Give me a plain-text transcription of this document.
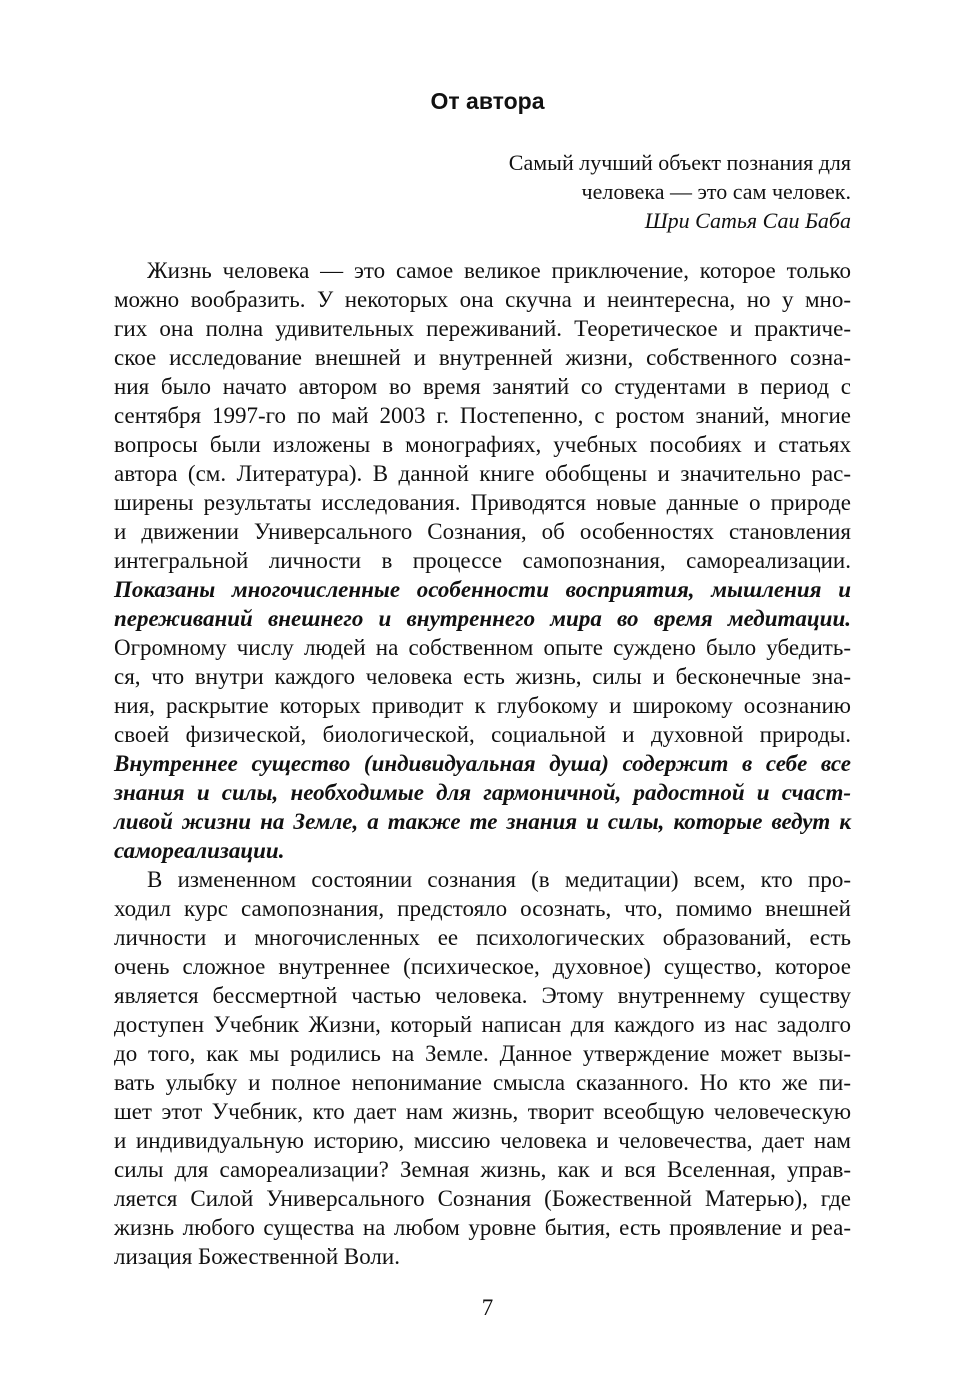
От автора
Самый лучший объект познания для
человека — это сам человек.
Шри Сатья Саи Баба
Жизнь человека — это самое великое приключение, которое только
можно вообразить. У некоторых она скучна и неинтересна, но у мно-
гих она полна удивительных переживаний. Теоретическое и практиче-
ское исследование внешней и внутренней жизни, собственного созна-
ния было начато автором во время занятий со студентами в период с
сентября 1997-го по май 2003 г. Постепенно, с ростом знаний, многие
вопросы были изложены в монографиях, учебных пособиях и статьях
автора (см. Литература). В данной книге обобщены и значительно рас-
ширены результаты исследования. Приводятся новые данные о природе
и движении Универсального Сознания, об особенностях становления
интегральной личности в процессе самопознания, самореализации.
Показаны многочисленные особенности восприятия, мышления и
переживаний внешнего и внутреннего мира во время медитации.
Огромному числу людей на собственном опыте суждено было убедить-
ся, что внутри каждого человека есть жизнь, силы и бесконечные зна-
ния, раскрытие которых приводит к глубокому и широкому осознанию
своей физической, биологической, социальной и духовной природы.
Внутреннее существо (индивидуальная душа) содержит в себе все
знания и силы, необходимые для гармоничной, радостной и счаст-
ливой жизни на Земле, а также те знания и силы, которые ведут к
самореализации.
В измененном состоянии сознания (в медитации) всем, кто про-
ходил курс самопознания, предстояло осознать, что, помимо внешней
личности и многочисленных ее психологических образований, есть
очень сложное внутреннее (психическое, духовное) существо, которое
является бессмертной частью человека. Этому внутреннему существу
доступен Учебник Жизни, который написан для каждого из нас задолго
до того, как мы родились на Земле. Данное утверждение может вызы-
вать улыбку и полное непонимание смысла сказанного. Но кто же пи-
шет этот Учебник, кто дает нам жизнь, творит всеобщую человеческую
и индивидуальную историю, миссию человека и человечества, дает нам
силы для самореализации? Земная жизнь, как и вся Вселенная, управ-
ляется Силой Универсального Сознания (Божественной Матерью), где
жизнь любого существа на любом уровне бытия, есть проявление и реа-
лизация Божественной Воли.
7
